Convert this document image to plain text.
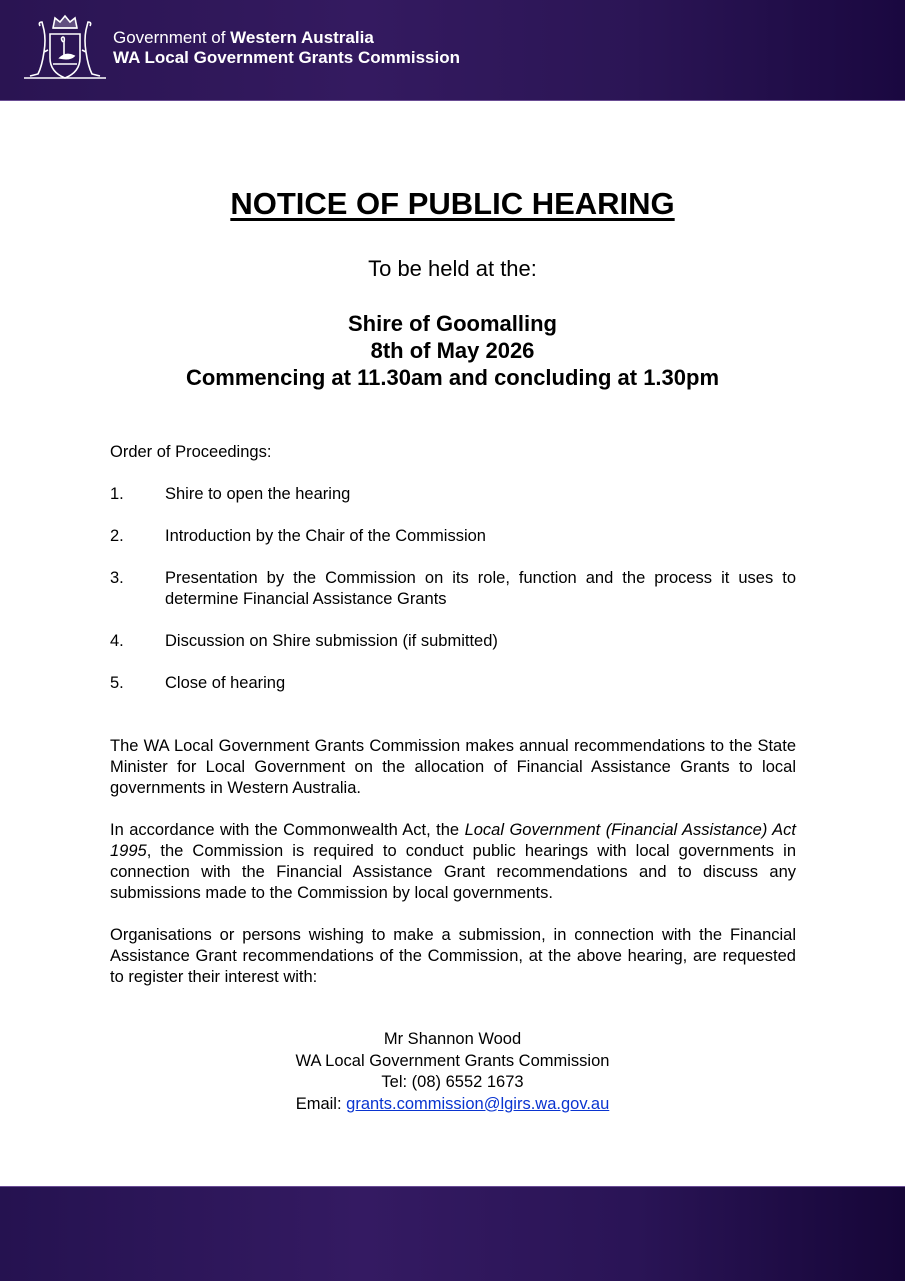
Government of Western Australia
WA Local Government Grants Commission
NOTICE OF PUBLIC HEARING
To be held at the:
Shire of Goomalling
8th of May 2026
Commencing at 11.30am and concluding at 1.30pm
Order of Proceedings:
1.	Shire to open the hearing
2.	Introduction by the Chair of the Commission
3.	Presentation by the Commission on its role, function and the process it uses to determine Financial Assistance Grants
4.	Discussion on Shire submission (if submitted)
5.	Close of hearing
The WA Local Government Grants Commission makes annual recommendations to the State Minister for Local Government on the allocation of Financial Assistance Grants to local governments in Western Australia.
In accordance with the Commonwealth Act, the Local Government (Financial Assistance) Act 1995, the Commission is required to conduct public hearings with local governments in connection with the Financial Assistance Grant recommendations and to discuss any submissions made to the Commission by local governments.
Organisations or persons wishing to make a submission, in connection with the Financial Assistance Grant recommendations of the Commission, at the above hearing, are requested to register their interest with:
Mr Shannon Wood
WA Local Government Grants Commission
Tel: (08) 6552 1673
Email: grants.commission@lgirs.wa.gov.au
